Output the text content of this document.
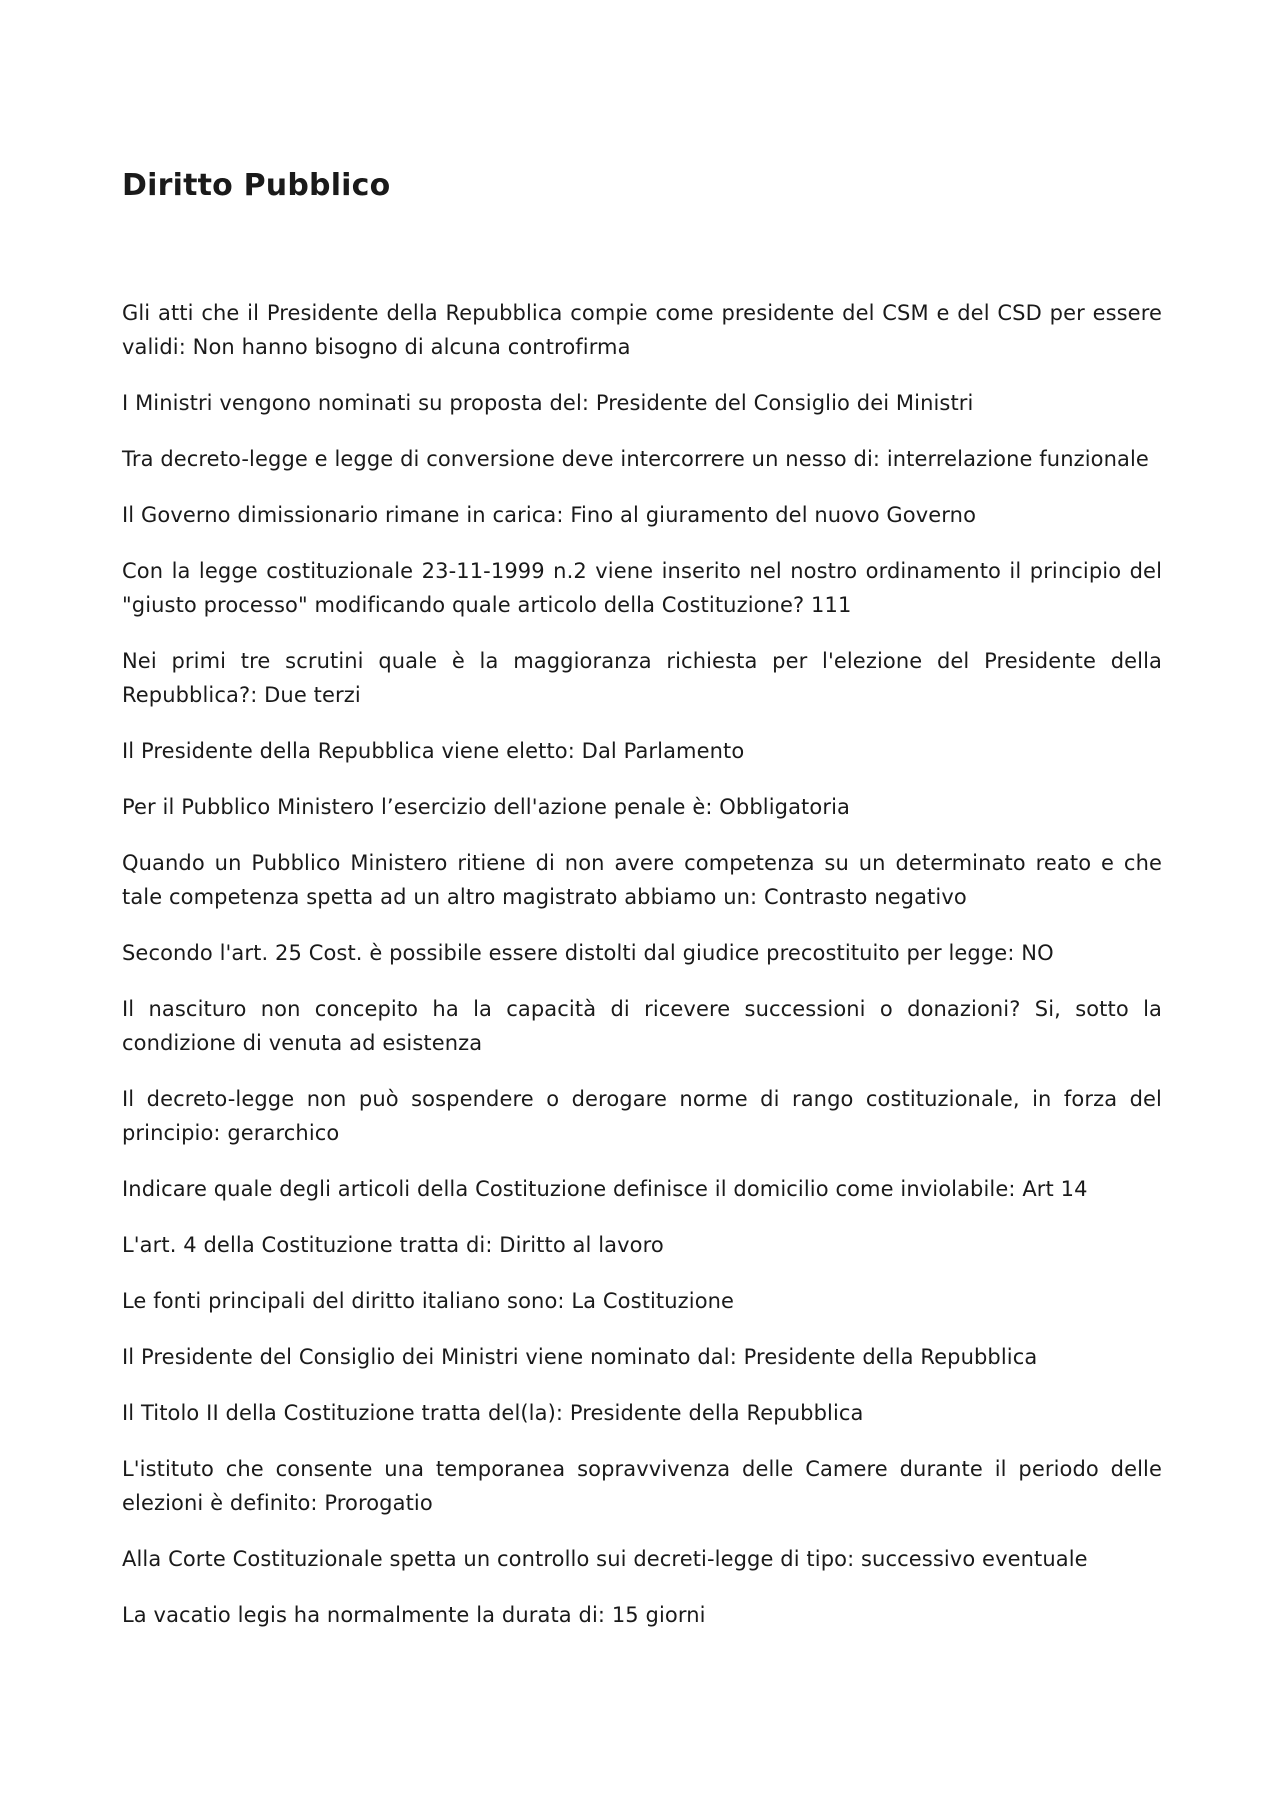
Diritto Pubblico

Gli atti che il Presidente della Repubblica compie come presidente del CSM e del CSD per essere validi: Non hanno bisogno di alcuna controfirma

I Ministri vengono nominati su proposta del: Presidente del Consiglio dei Ministri

Tra decreto-legge e legge di conversione deve intercorrere un nesso di: interrelazione funzionale

Il Governo dimissionario rimane in carica: Fino al giuramento del nuovo Governo

Con la legge costituzionale 23-11-1999 n.2 viene inserito nel nostro ordinamento il principio del "giusto processo" modificando quale articolo della Costituzione? 111

Nei primi tre scrutini quale è la maggioranza richiesta per l'elezione del Presidente della Repubblica?: Due terzi

Il Presidente della Repubblica viene eletto: Dal Parlamento

Per il Pubblico Ministero l’esercizio dell'azione penale è: Obbligatoria

Quando un Pubblico Ministero ritiene di non avere competenza su un determinato reato e che tale competenza spetta ad un altro magistrato abbiamo un: Contrasto negativo

Secondo l'art. 25 Cost. è possibile essere distolti dal giudice precostituito per legge: NO

Il nascituro non concepito ha la capacità di ricevere successioni o donazioni? Si, sotto la condizione di venuta ad esistenza

Il decreto-legge non può sospendere o derogare norme di rango costituzionale, in forza del principio: gerarchico

Indicare quale degli articoli della Costituzione definisce il domicilio come inviolabile: Art 14

L'art. 4 della Costituzione tratta di: Diritto al lavoro

Le fonti principali del diritto italiano sono: La Costituzione

Il Presidente del Consiglio dei Ministri viene nominato dal: Presidente della Repubblica

Il Titolo II della Costituzione tratta del(la): Presidente della Repubblica

L'istituto che consente una temporanea sopravvivenza delle Camere durante il periodo delle elezioni è definito: Prorogatio

Alla Corte Costituzionale spetta un controllo sui decreti-legge di tipo: successivo eventuale

La vacatio legis ha normalmente la durata di: 15 giorni
